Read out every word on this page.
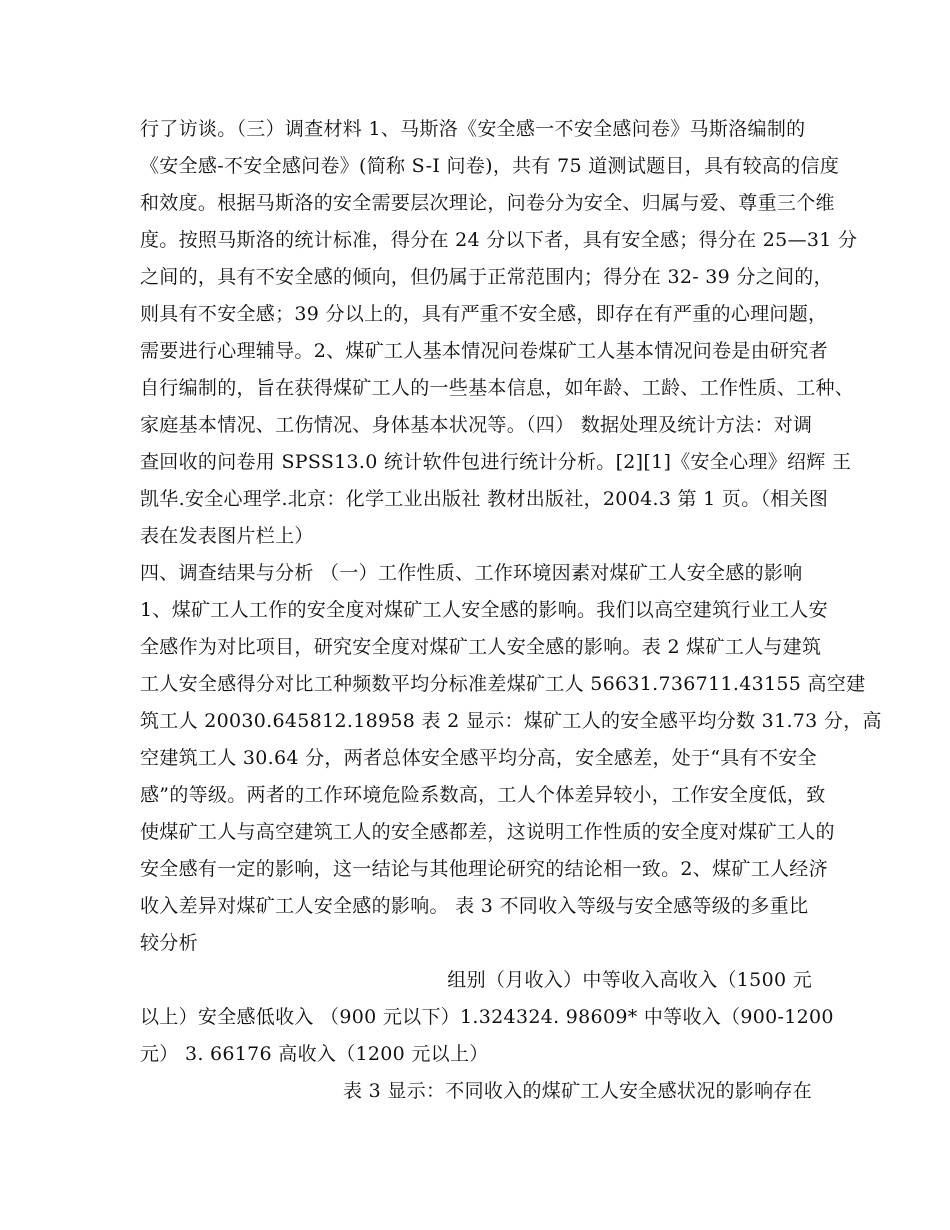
行了访谈。（三）调查材料 1、马斯洛《安全感一不安全感问卷》马斯洛编制的
《安全感-不安全感问卷》(简称 S-I 问卷)，共有 75 道测试题目，具有较高的信度
和效度。根据马斯洛的安全需要层次理论，问卷分为安全、归属与爱、尊重三个维
度。按照马斯洛的统计标准，得分在 24 分以下者，具有安全感；得分在 25—31 分
之间的，具有不安全感的倾向，但仍属于正常范围内；得分在 32- 39 分之间的，
则具有不安全感；39 分以上的，具有严重不安全感，即存在有严重的心理问题，
需要进行心理辅导。2、煤矿工人基本情况问卷煤矿工人基本情况问卷是由研究者
自行编制的，旨在获得煤矿工人的一些基本信息，如年龄、工龄、工作性质、工种、
家庭基本情况、工伤情况、身体基本状况等。（四） 数据处理及统计方法：对调
查回收的问卷用 SPSS13.0 统计软件包进行统计分析。[2][1]《安全心理》绍辉 王
凯华.安全心理学.北京：化学工业出版社 教材出版社，2004.3 第 1 页。（相关图
表在发表图片栏上）
四、调查结果与分析 （一）工作性质、工作环境因素对煤矿工人安全感的影响
1、煤矿工人工作的安全度对煤矿工人安全感的影响。我们以高空建筑行业工人安
全感作为对比项目，研究安全度对煤矿工人安全感的影响。表 2 煤矿工人与建筑
工人安全感得分对比工种频数平均分标准差煤矿工人 56631.736711.43155 高空建
筑工人 20030.645812.18958 表 2 显示：煤矿工人的安全感平均分数 31.73 分，高
空建筑工人 30.64 分，两者总体安全感平均分高，安全感差，处于“具有不安全
感”的等级。两者的工作环境危险系数高，工人个体差异较小，工作安全度低，致
使煤矿工人与高空建筑工人的安全感都差，这说明工作性质的安全度对煤矿工人的
安全感有一定的影响，这一结论与其他理论研究的结论相一致。2、煤矿工人经济
收入差异对煤矿工人安全感的影响。 表 3 不同收入等级与安全感等级的多重比
较分析
组别（月收入）中等收入高收入（1500 元
以上）安全感低收入 （900 元以下）1.324324. 98609* 中等收入（900-1200
元） 3. 66176 高收入（1200 元以上）
表 3 显示：不同收入的煤矿工人安全感状况的影响存在
